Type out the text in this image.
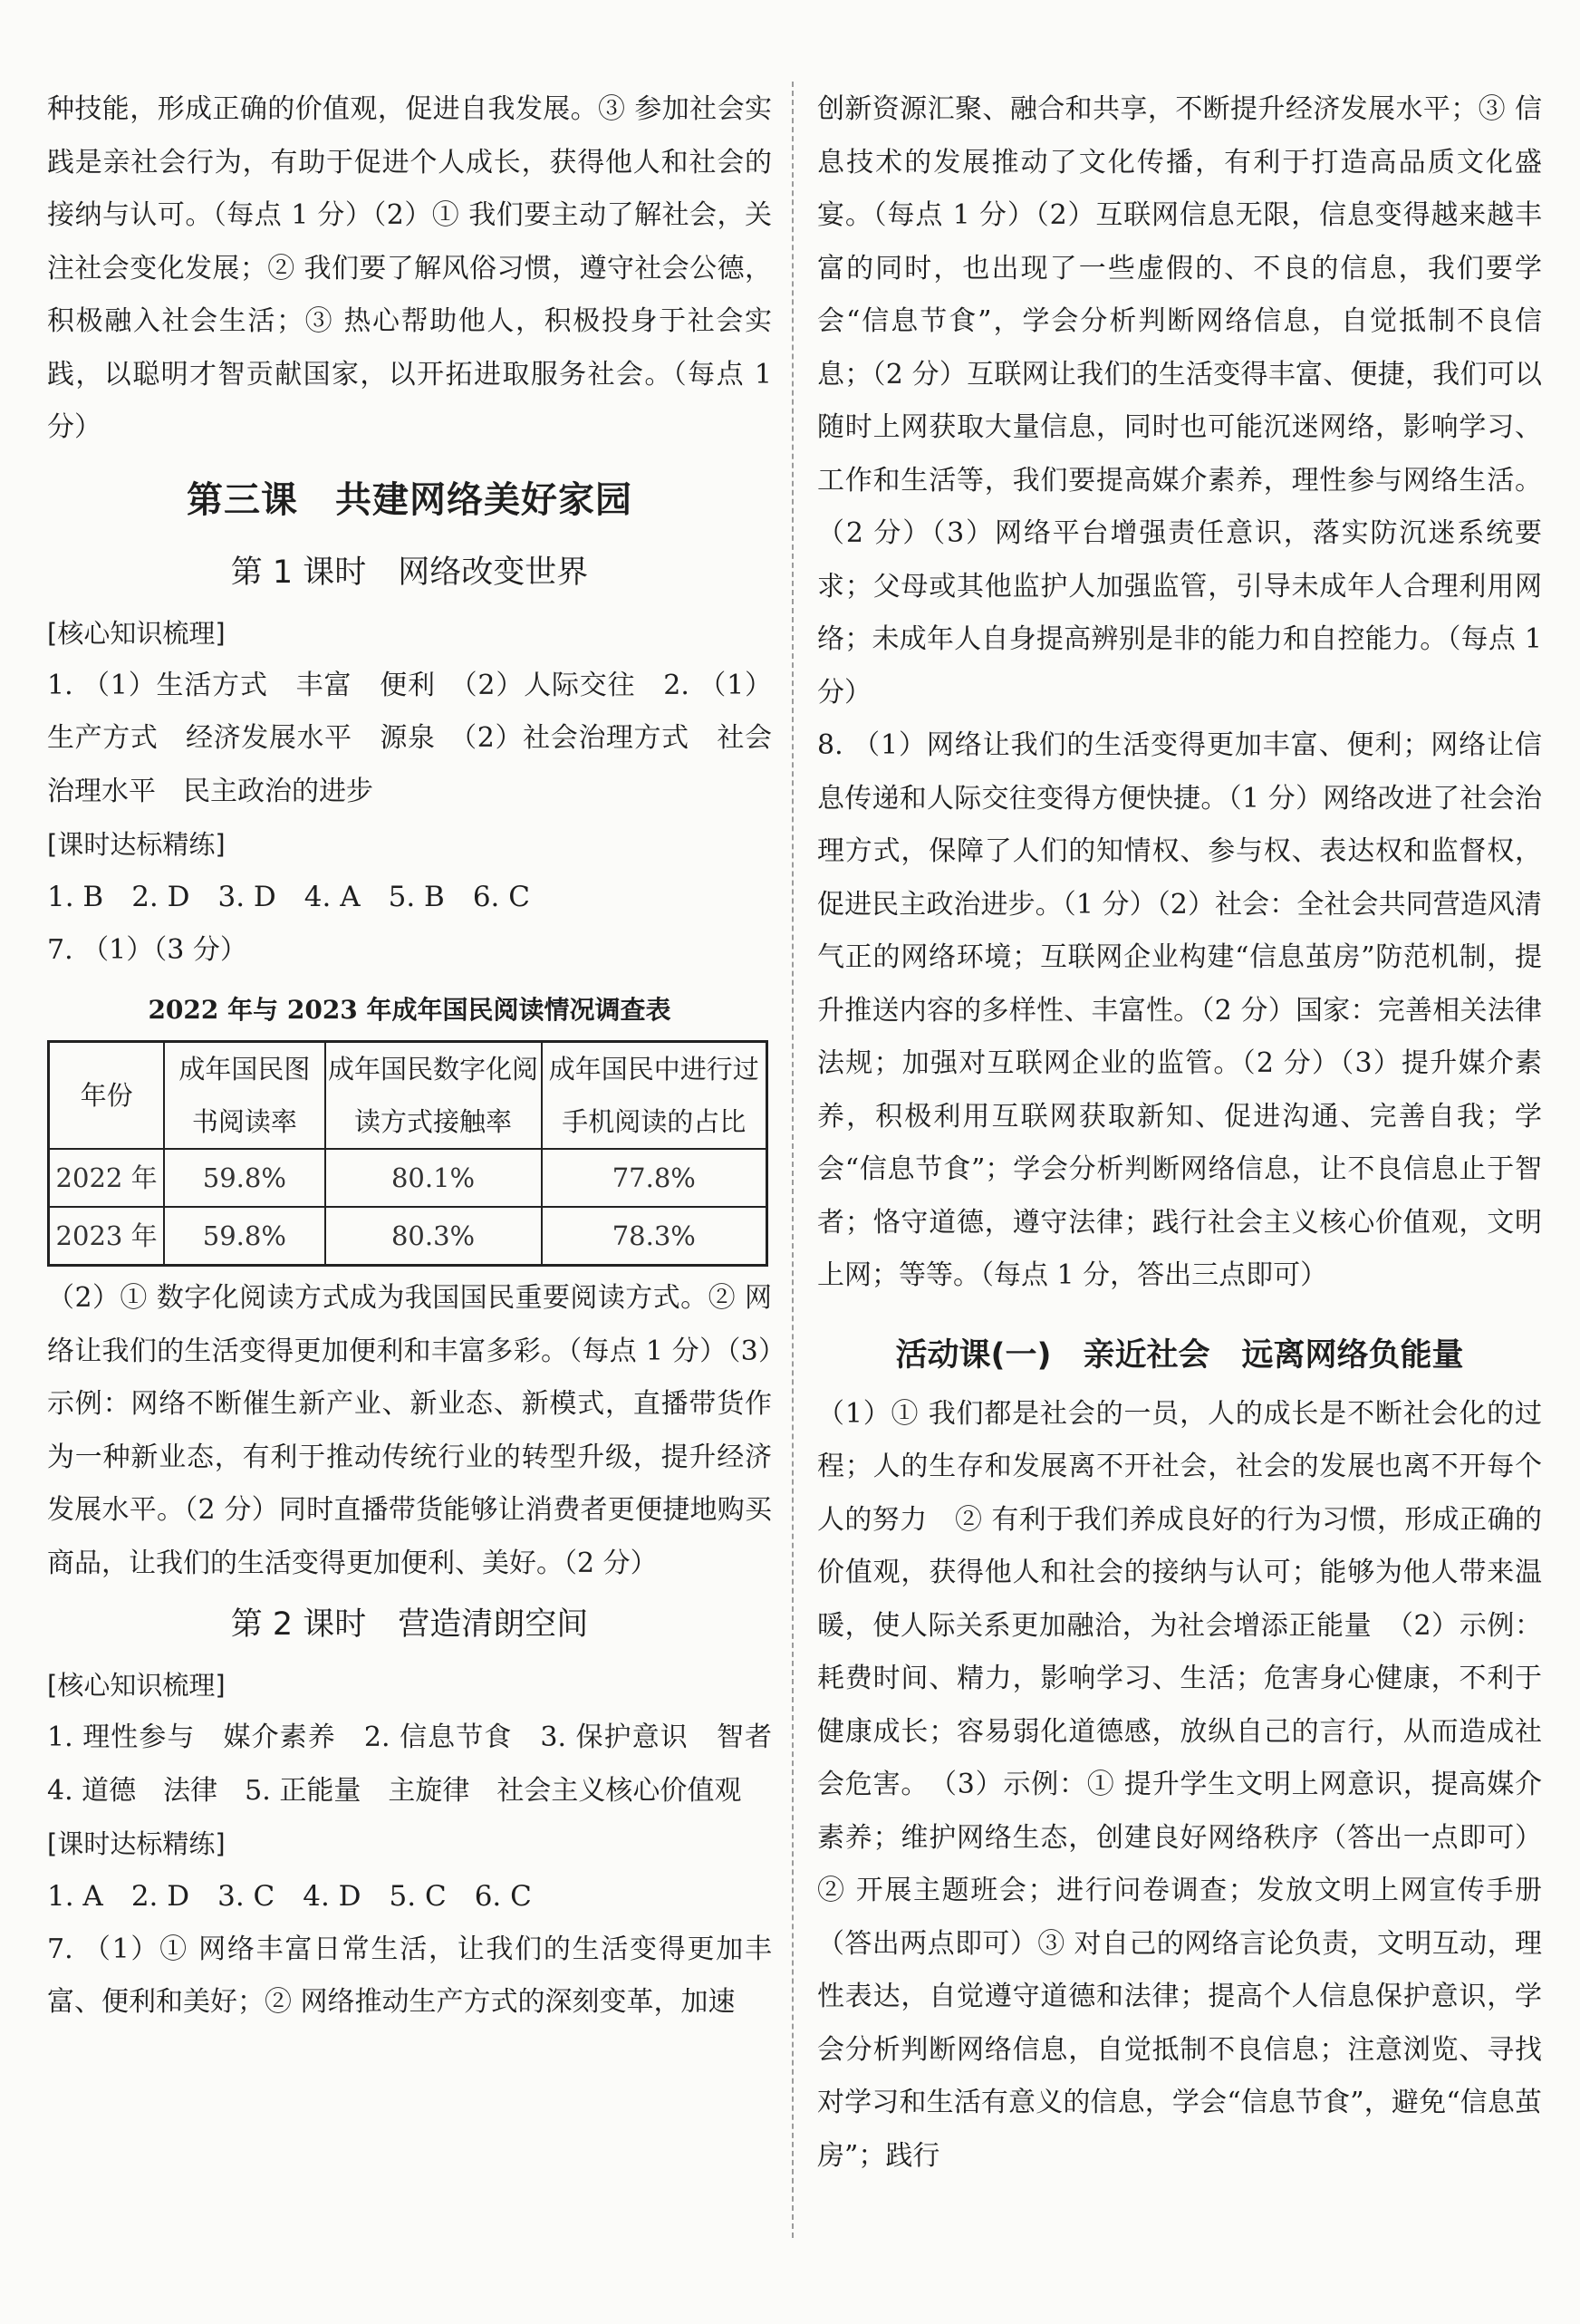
种技能，形成正确的价值观，促进自我发展。③ 参加社会实践是亲社会行为，有助于促进个人成长，获得他人和社会的接纳与认可。（每点 1 分）（2）① 我们要主动了解社会，关注社会变化发展；② 我们要了解风俗习惯，遵守社会公德，积极融入社会生活；③ 热心帮助他人，积极投身于社会实践，以聪明才智贡献国家，以开拓进取服务社会。（每点 1 分）

第三课　共建网络美好家园
第 1 课时　网络改变世界
[ 核心知识梳理 ]

1. （1）生活方式　丰富　便利　（2）人际交往　2. （1）生产方式　经济发展水平　源泉　（2）社会治理方式　社会治理水平　民主政治的进步

[ 课时达标精练 ]

1. B　2. D　3. D　4. A　5. B　6. C

7. （1）（3 分）

2022 年与 2023 年成年国民阅读情况调查表
年份	成年国民图书阅读率	成年国民数字化阅读方式接触率	成年国民中进行过手机阅读的占比
2022 年	59.8%	80.1%	77.8%
2023 年	59.8%	80.3%	78.3%

（2）① 数字化阅读方式成为我国国民重要阅读方式。② 网络让我们的生活变得更加便利和丰富多彩。（每点 1 分）（3）示例：网络不断催生新产业、新业态、新模式，直播带货作为一种新业态，有利于推动传统行业的转型升级，提升经济发展水平。（2 分）同时直播带货能够让消费者更便捷地购买商品，让我们的生活变得更加便利、美好。（2 分）

第 2 课时　营造清朗空间
[ 核心知识梳理 ]

1. 理性参与　媒介素养　2. 信息节食　3. 保护意识　智者　4. 道德　法律　5. 正能量　主旋律　社会主义核心价值观

[ 课时达标精练 ]

1. A　2. D　3. C　4. D　5. C　6. C

7. （1）① 网络丰富日常生活，让我们的生活变得更加丰富、便利和美好；② 网络推动生产方式的深刻变革，加速

创新资源汇聚、融合和共享，不断提升经济发展水平；③ 信息技术的发展推动了文化传播，有利于打造高品质文化盛宴。（每点 1 分）（2）互联网信息无限，信息变得越来越丰富的同时，也出现了一些虚假的、不良的信息，我们要学会“信息节食”，学会分析判断网络信息，自觉抵制不良信息；（2 分）互联网让我们的生活变得丰富、便捷，我们可以随时上网获取大量信息，同时也可能沉迷网络，影响学习、工作和生活等，我们要提高媒介素养，理性参与网络生活。（2 分）（3）网络平台增强责任意识，落实防沉迷系统要求；父母或其他监护人加强监管，引导未成年人合理利用网络；未成年人自身提高辨别是非的能力和自控能力。（每点 1 分）

8. （1）网络让我们的生活变得更加丰富、便利；网络让信息传递和人际交往变得方便快捷。（1 分）网络改进了社会治理方式，保障了人们的知情权、参与权、表达权和监督权，促进民主政治进步。（1 分）（2）社会：全社会共同营造风清气正的网络环境；互联网企业构建“信息茧房”防范机制，提升推送内容的多样性、丰富性。（2 分）国家：完善相关法律法规；加强对互联网企业的监管。（2 分）（3）提升媒介素养，积极利用互联网获取新知、促进沟通、完善自我；学会“信息节食”；学会分析判断网络信息，让不良信息止于智者；恪守道德，遵守法律；践行社会主义核心价值观，文明上网；等等。（每点 1 分，答出三点即可）

活动课(一)　亲近社会　远离网络负能量

（1）① 我们都是社会的一员，人的成长是不断社会化的过程；人的生存和发展离不开社会，社会的发展也离不开每个人的努力　② 有利于我们养成良好的行为习惯，形成正确的价值观，获得他人和社会的接纳与认可；能够为他人带来温暖，使人际关系更加融洽，为社会增添正能量　（2）示例：耗费时间、精力，影响学习、生活；危害身心健康，不利于健康成长；容易弱化道德感，放纵自己的言行，从而造成社会危害。　（3）示例：① 提升学生文明上网意识，提高媒介素养；维护网络生态，创建良好网络秩序（答出一点即可）② 开展主题班会；进行问卷调查；发放文明上网宣传手册（答出两点即可）③ 对自己的网络言论负责，文明互动，理性表达，自觉遵守道德和法律；提高个人信息保护意识，学会分析判断网络信息，自觉抵制不良信息；注意浏览、寻找对学习和生活有意义的信息，学会“信息节食”，避免“信息茧房”；践行
